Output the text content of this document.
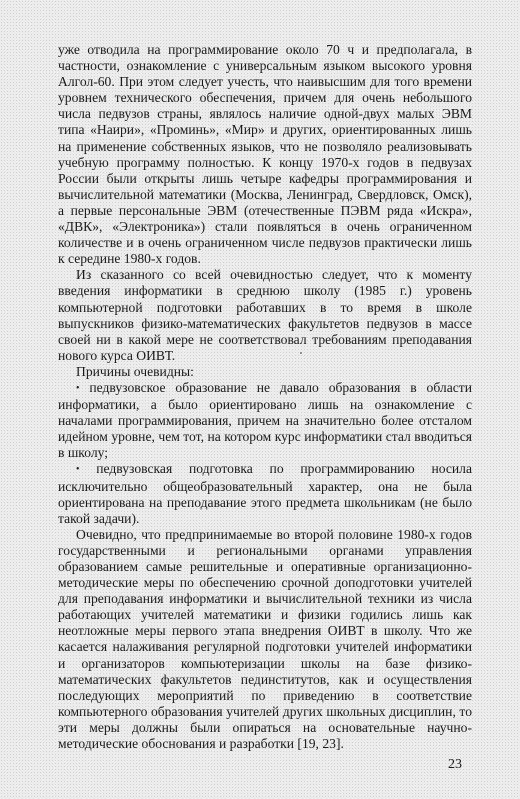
уже отводила на программирование около 70 ч и предполагала, в частности, ознакомление с универсальным языком высокого уровня Алгол-60. При этом следует учесть, что наивысшим для того времени уровнем технического обеспечения, причем для очень небольшого числа педвузов страны, являлось наличие одной-двух малых ЭВМ типа «Наири», «Проминь», «Мир» и других, ориентированных лишь на применение собственных языков, что не позволяло реализовывать учебную программу полностью. К концу 1970-х годов в педвузах России были открыты лишь четыре кафедры программирования и вычислительной математики (Москва, Ленинград, Свердловск, Омск), а первые персональные ЭВМ (отечественные ПЭВМ ряда «Искра», «ДВК», «Электроника») стали появляться в очень ограниченном количестве и в очень ограниченном числе педвузов практически лишь к середине 1980-х годов.

Из сказанного со всей очевидностью следует, что к моменту введения информатики в среднюю школу (1985 г.) уровень компьютерной подготовки работавших в то время в школе выпускников физико-математических факультетов педвузов в массе своей ни в какой мере не соответствовал требованиям преподавания нового курса ОИВТ.

Причины очевидны:

• педвузовское образование не давало образования в области информатики, а было ориентировано лишь на ознакомление с началами программирования, причем на значительно более отсталом идейном уровне, чем тот, на котором курс информатики стал вводиться в школу;

• педвузовская подготовка по программированию носила исключительно общеобразовательный характер, она не была ориентирована на преподавание этого предмета школьникам (не было такой задачи).

Очевидно, что предпринимаемые во второй половине 1980-х годов государственными и региональными органами управления образованием самые решительные и оперативные организационно-методические меры по обеспечению срочной доподготовки учителей для преподавания информатики и вычислительной техники из числа работающих учителей математики и физики годились лишь как неотложные меры первого этапа внедрения ОИВТ в школу. Что же касается налаживания регулярной подготовки учителей информатики и организаторов компьютеризации школы на базе физико-математических факультетов пединститутов, как и осуществления последующих мероприятий по приведению в соответствие компьютерного образования учителей других школьных дисциплин, то эти меры должны были опираться на основательные научно-методические обоснования и разработки [19, 23].

23
